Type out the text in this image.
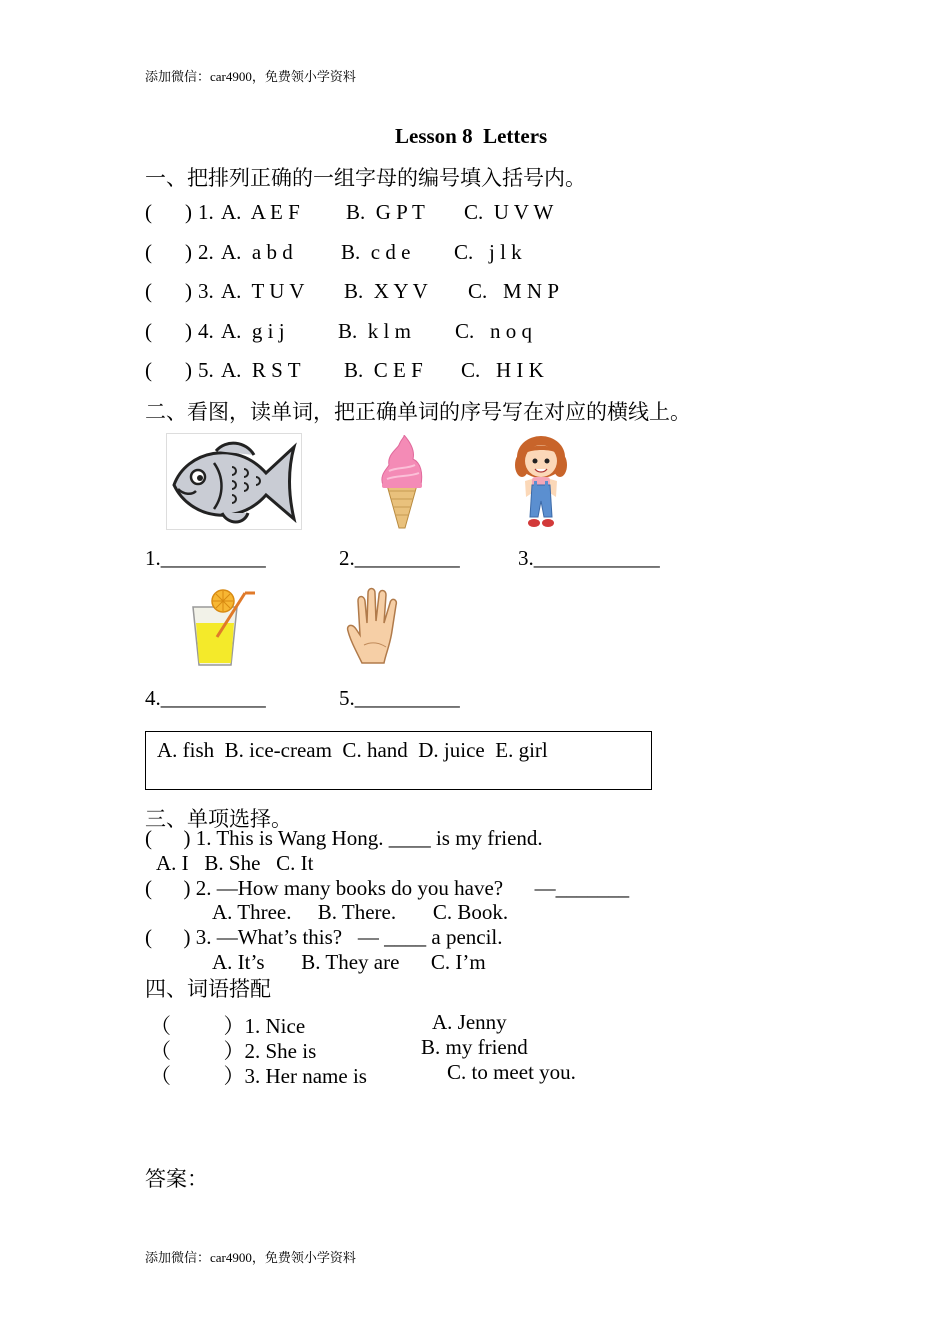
添加微信：car4900，免费领小学资料
添加微信：car4900，免费领小学资料
Lesson 8  Letters
一、把排列正确的一组字母的编号填入括号内。
( ) 1. A.  A E F B.  G P T C.  U V W
( ) 2. A.  a b d B.  c d e C.   j l k
( ) 3. A.  T U V B.  X Y V C.   M N P
( ) 4. A.  g i j	B.  k l m C.   n o q
( ) 5. A.  R S T B.  C E F C.   H I K
二、看图，读单词，把正确单词的序号写在对应的横线上。
1.__________	2.__________	3.____________
4.__________	5.__________
A. fish  B. ice-cream  C. hand  D. juice  E. girl
三、单项选择。
(      ) 1. This is Wang Hong. ____ is my friend.
A. I   B. She   C. It
(      ) 2. —How many books do you have?      —_______
A. Three.     B. There.       C. Book.
(      ) 3. —What’s this?   — ____ a pencil.
A. It’s       B. They are      C. I’m
四、词语搭配
（          ）1. Nice	A. Jenny
（          ）2. She is	B. my friend
（          ）3. Her name is	C. to meet you.
答案：
